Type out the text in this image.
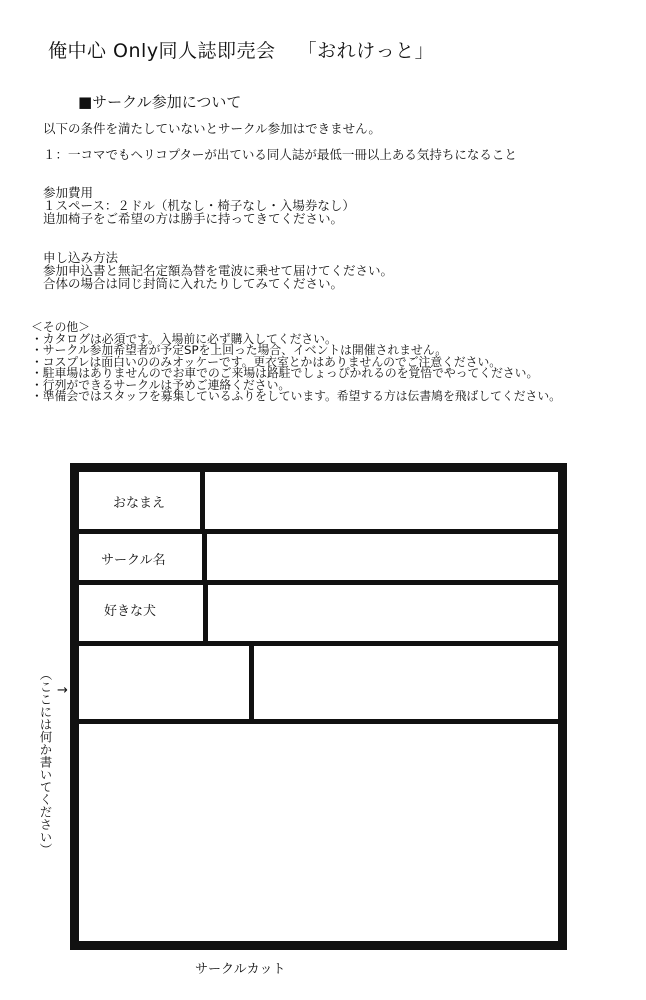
俺中心 Only同人誌即売会 「おれけっと」
■サークル参加について
以下の条件を満たしていないとサークル参加はできません。
１：一コマでもヘリコプターが出ている同人誌が最低一冊以上ある気持ちになること
参加費用
１スペース：２ドル（机なし・椅子なし・入場券なし）
追加椅子をご希望の方は勝手に持ってきてください。
申し込み方法
参加申込書と無記名定額為替を電波に乗せて届けてください。
合体の場合は同じ封筒に入れたりしてみてください。
＜その他＞
・カタログは必須です。入場前に必ず購入してください。
・サークル参加希望者が予定SPを上回った場合、イベントは開催されません。
・コスプレは面白いののみオッケーです。更衣室とかはありませんのでご注意ください。
・駐車場はありませんのでお車でのご来場は路駐でしょっぴかれるのを覚悟でやってください。
・行列ができるサークルは予めご連絡ください。
・準備会ではスタッフを募集しているふりをしています。希望する方は伝書鳩を飛ばしてください。
おなまえ
サークル名
好きな犬
（ここには何か書いてください） →
サークルカット
